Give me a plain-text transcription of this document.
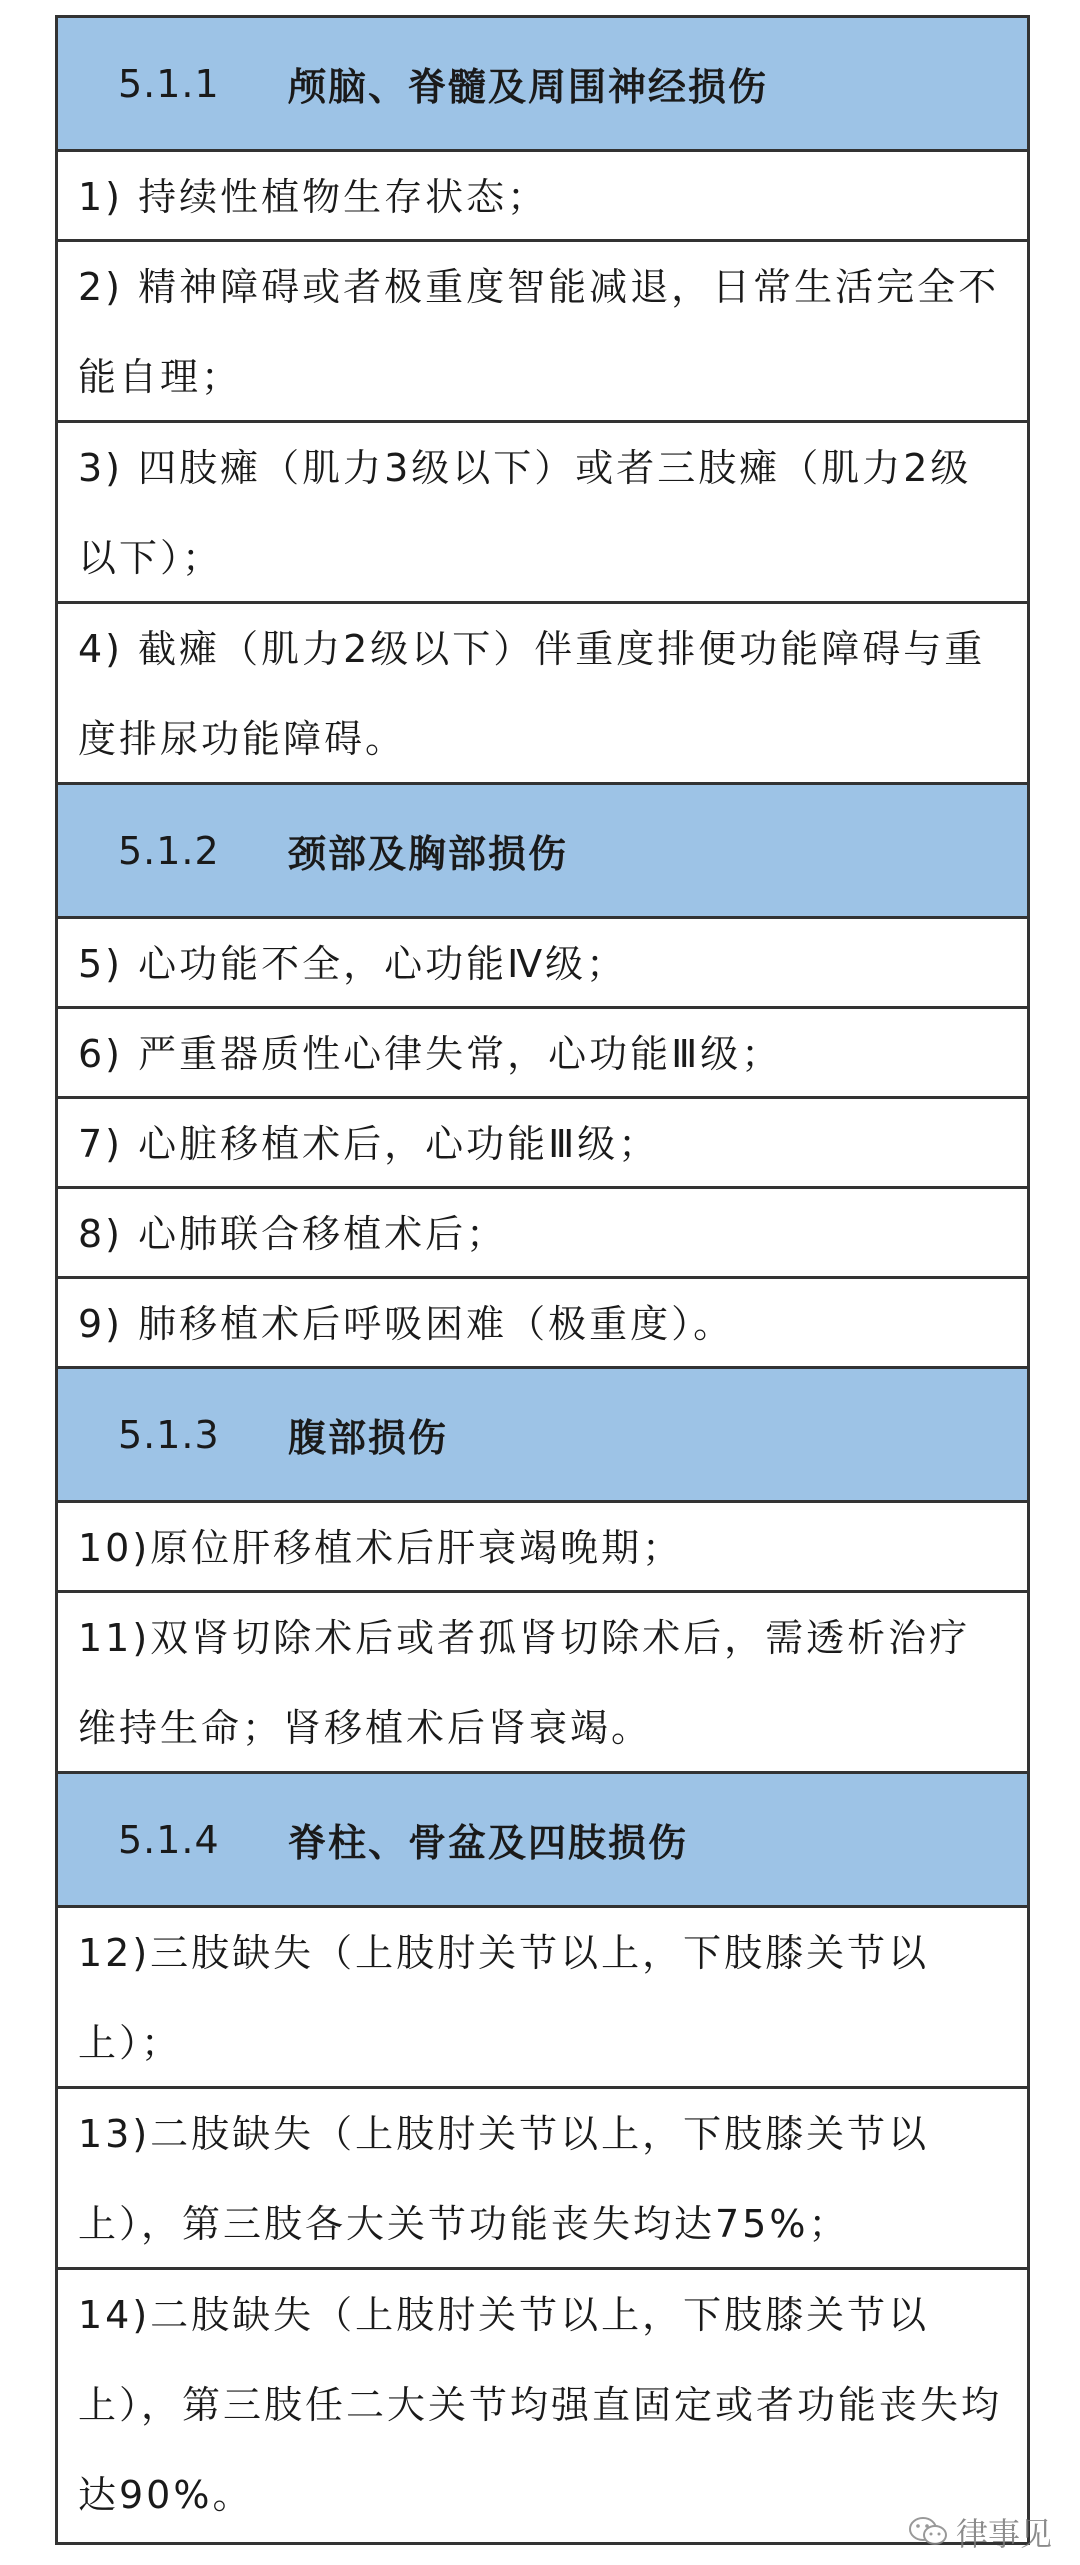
5.1.1	颅脑、脊髓及周围神经损伤
1) 持续性植物生存状态；
2) 精神障碍或者极重度智能减退，日常生活完全不能自理；
3) 四肢瘫（肌力3级以下）或者三肢瘫（肌力2级以下）；
4) 截瘫（肌力2级以下）伴重度排便功能障碍与重度排尿功能障碍。
5.1.2	颈部及胸部损伤
5) 心功能不全，心功能Ⅳ级；
6) 严重器质性心律失常，心功能Ⅲ级；
7) 心脏移植术后，心功能Ⅲ级；
8) 心肺联合移植术后；
9) 肺移植术后呼吸困难（极重度）。
5.1.3	腹部损伤
10)原位肝移植术后肝衰竭晚期；
11)双肾切除术后或者孤肾切除术后，需透析治疗维持生命；肾移植术后肾衰竭。
5.1.4	脊柱、骨盆及四肢损伤
12)三肢缺失（上肢肘关节以上，下肢膝关节以上）；
13)二肢缺失（上肢肘关节以上，下肢膝关节以上），第三肢各大关节功能丧失均达75%；
14)二肢缺失（上肢肘关节以上，下肢膝关节以上），第三肢任二大关节均强直固定或者功能丧失均达90%。
律事见
